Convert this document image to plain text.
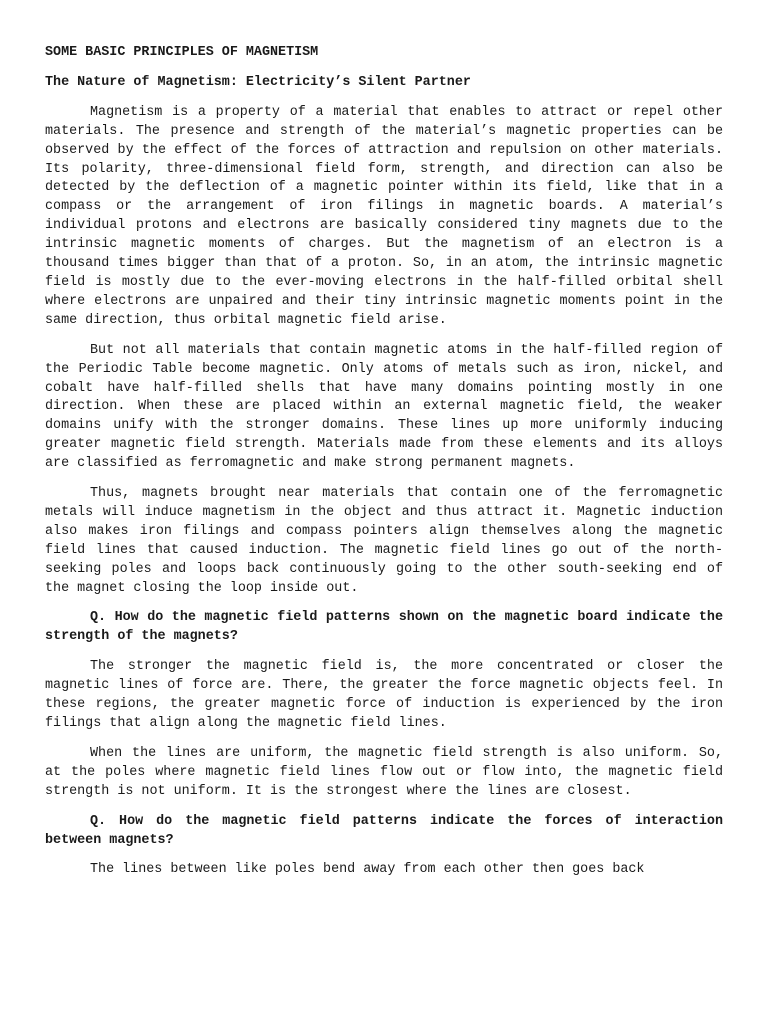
SOME BASIC PRINCIPLES OF MAGNETISM
The Nature of Magnetism: Electricity’s Silent Partner

Magnetism is a property of a material that enables to attract or repel other materials. The presence and strength of the material’s magnetic properties can be observed by the effect of the forces of attraction and repulsion on other materials. Its polarity, three-dimensional field form, strength, and direction can also be detected by the deflection of a magnetic pointer within its field, like that in a compass or the arrangement of iron filings in magnetic boards. A material’s individual protons and electrons are basically considered tiny magnets due to the intrinsic magnetic moments of charges. But the magnetism of an electron is a thousand times bigger than that of a proton. So, in an atom, the intrinsic magnetic field is mostly due to the ever-moving electrons in the half-filled orbital shell where electrons are unpaired and their tiny intrinsic magnetic moments point in the same direction, thus orbital magnetic field arise.

But not all materials that contain magnetic atoms in the half-filled region of the Periodic Table become magnetic. Only atoms of metals such as iron, nickel, and cobalt have half-filled shells that have many domains pointing mostly in one direction. When these are placed within an external magnetic field, the weaker domains unify with the stronger domains. These lines up more uniformly inducing greater magnetic field strength. Materials made from these elements and its alloys are classified as ferromagnetic and make strong permanent magnets.

Thus, magnets brought near materials that contain one of the ferromagnetic metals will induce magnetism in the object and thus attract it. Magnetic induction also makes iron filings and compass pointers align themselves along the magnetic field lines that caused induction. The magnetic field lines go out of the north-seeking poles and loops back continuously going to the other south-seeking end of the magnet closing the loop inside out.

Q. How do the magnetic field patterns shown on the magnetic board indicate the strength of the magnets?

The stronger the magnetic field is, the more concentrated or closer the magnetic lines of force are. There, the greater the force magnetic objects feel. In these regions, the greater magnetic force of induction is experienced by the iron filings that align along the magnetic field lines.

When the lines are uniform, the magnetic field strength is also uniform. So, at the poles where magnetic field lines flow out or flow into, the magnetic field strength is not uniform. It is the strongest where the lines are closest.

Q. How do the magnetic field patterns indicate the forces of interaction between magnets?

The lines between like poles bend away from each other then goes back
